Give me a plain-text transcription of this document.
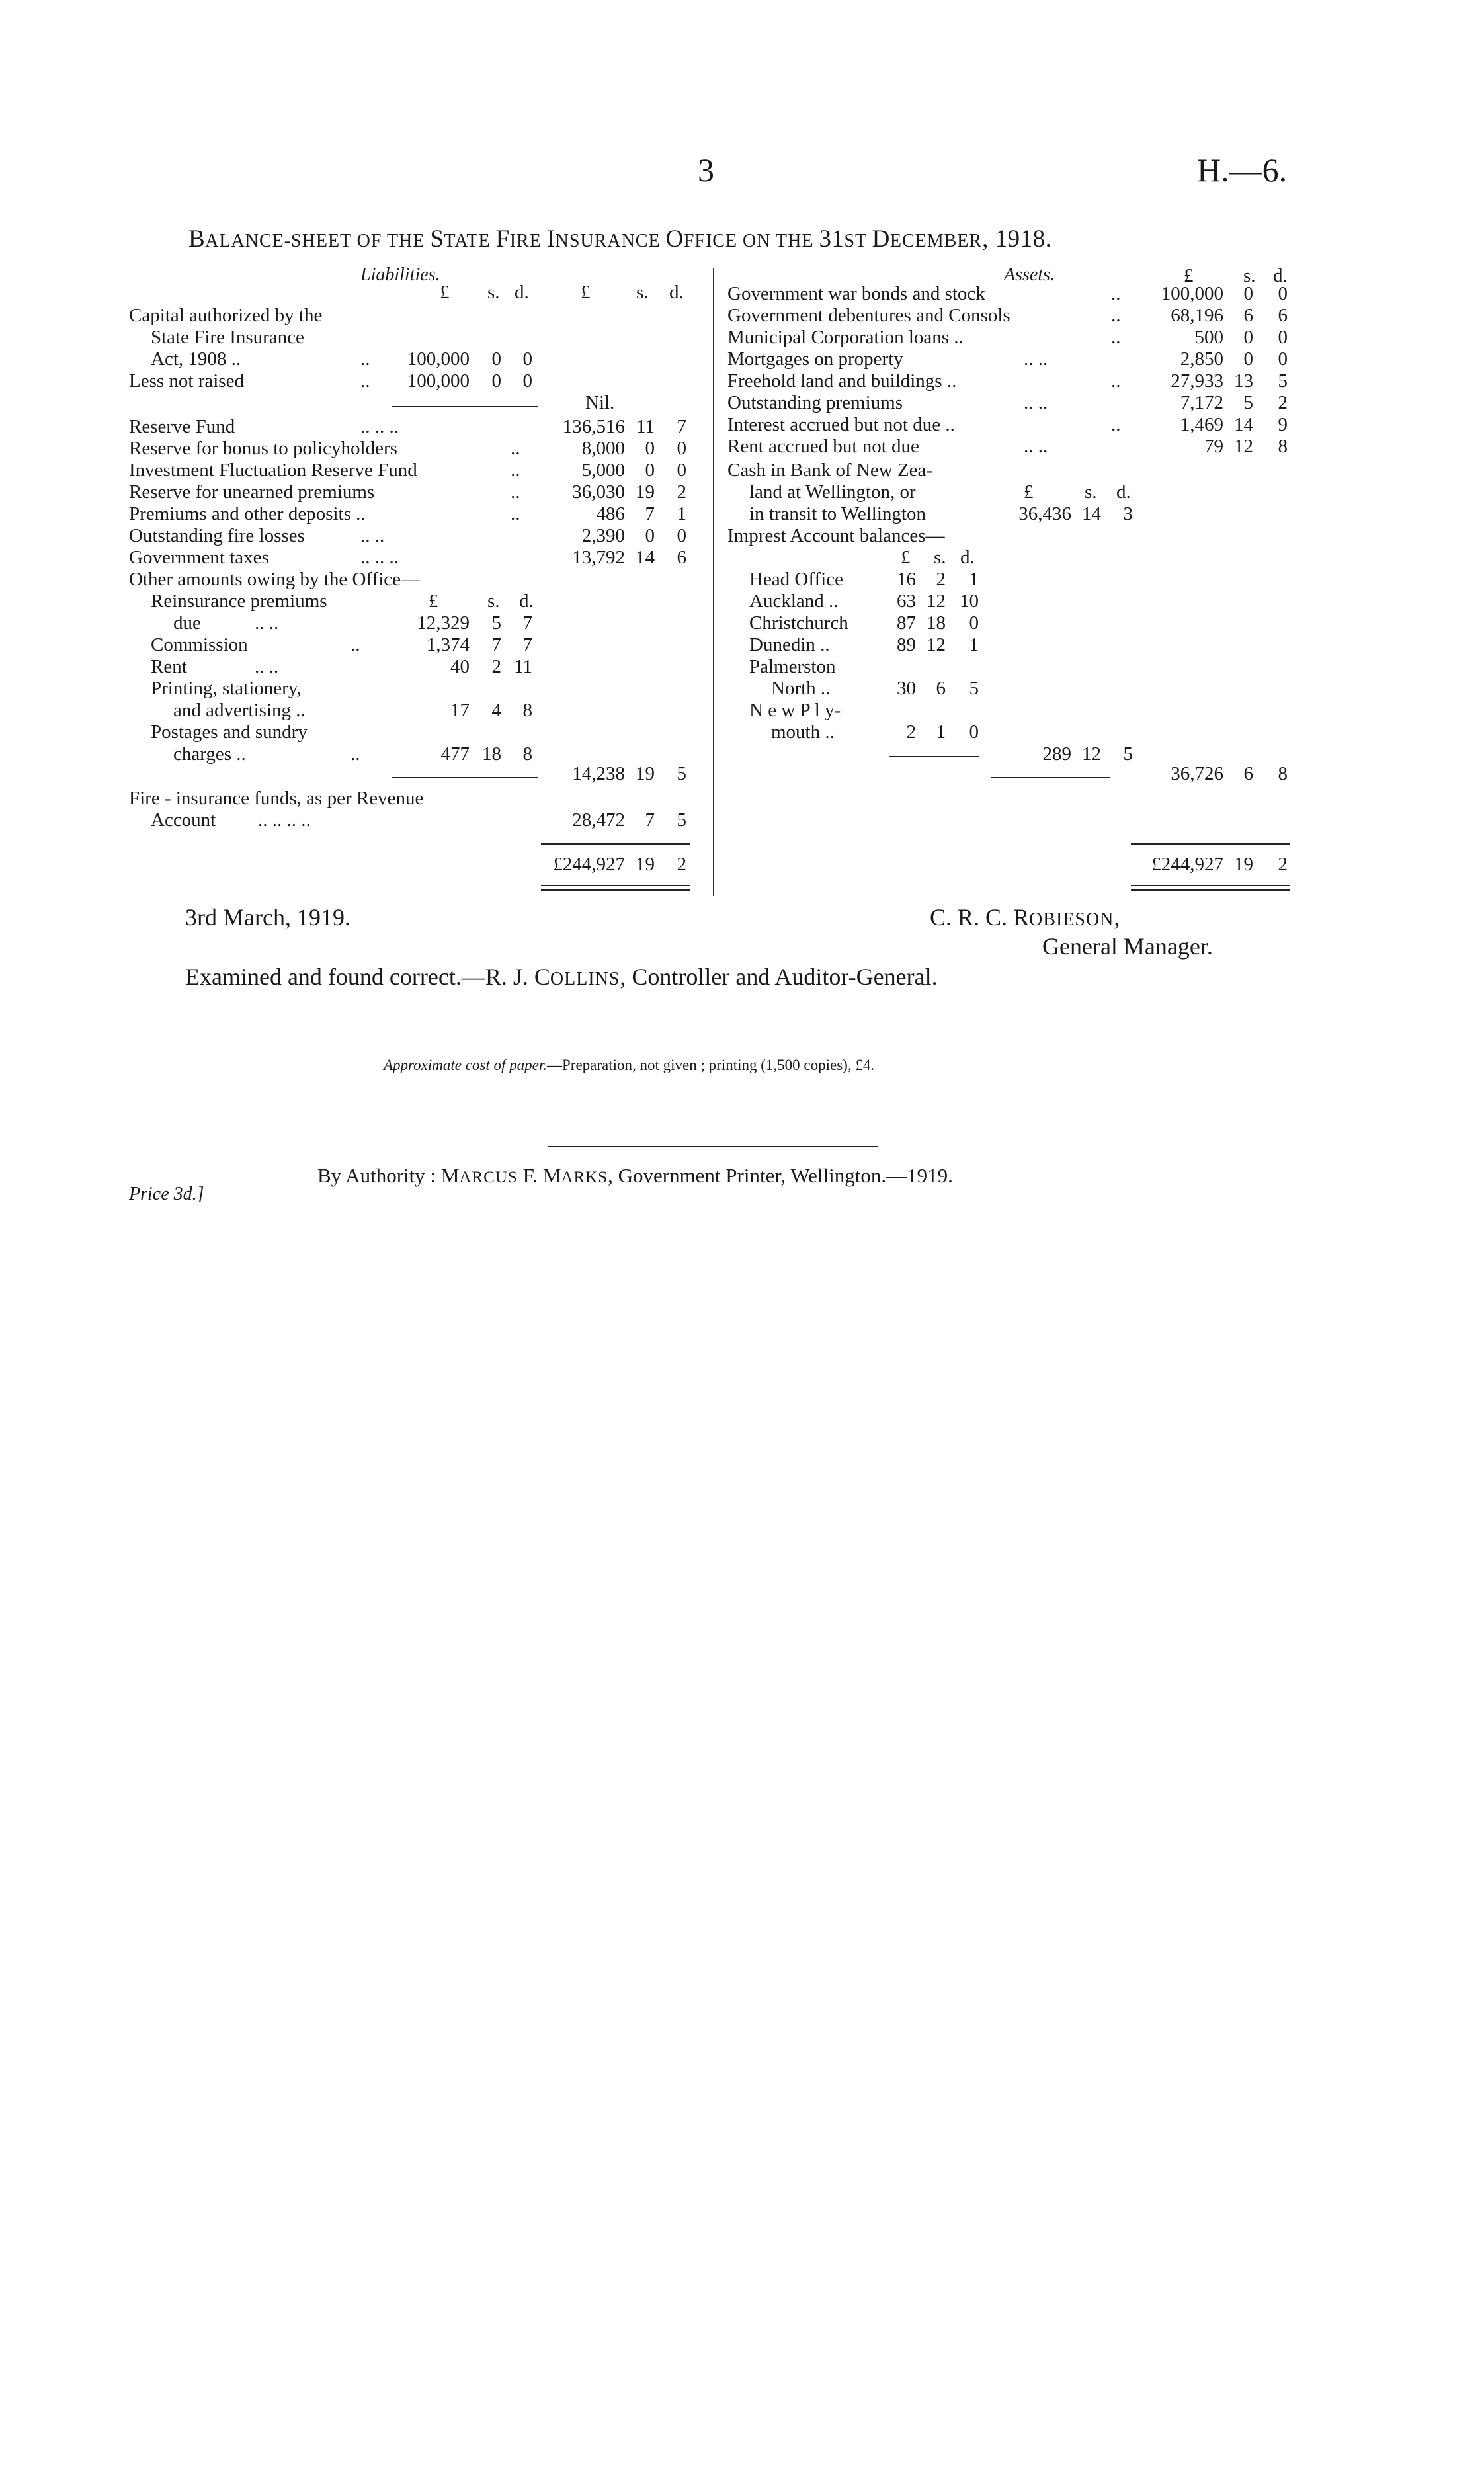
3	H.—6.
BALANCE-SHEET OF THE STATE FIRE INSURANCE OFFICE ON THE 31ST DECEMBER, 1918.
Liabilities.
£ s. d.	£ s. d.
Capital authorized by the
State Fire Insurance
Act, 1908 ..	..	100,000	0	0
Less not raised	..	100,000	0	0
Nil.
Reserve Fund	.. .. ..	136,516 11	7
Reserve for bonus to policyholders	..	8,000	0	0
Investment Fluctuation Reserve Fund	..	5,000	0	0
Reserve for unearned premiums	..	36,030 19	2
Premiums and other deposits ..	..	486	7	1
Outstanding fire losses	.. ..	2,390	0	0
Government taxes	.. .. ..	13,792 14	6
Other amounts owing by the Office—
Reinsurance premiums	£	s. d.
due	.. ..	12,329	5	7
Commission	..	1,374	7	7
Rent	.. ..	40	2 11
Printing, stationery,
and advertising ..	17	4	8
Postages and sundry
charges ..	..	477 18	8
14,238 19	5
Fire - insurance funds, as per Revenue
Account .. .. .. ..	28,472	7	5
£244,927 19	2
Assets.	£	s. d.
Government war bonds and stock	..	100,000	0	0
Government debentures and Consols	..	68,196	6	6
Municipal Corporation loans ..	..	500	0	0
Mortgages on property	.. ..	2,850	0	0
Freehold land and buildings ..	..	27,933 13	5
Outstanding premiums	.. ..	7,172	5	2
Interest accrued but not due ..	..	1,469 14	9
Rent accrued but not due	.. ..	79 12	8
Cash in Bank of New Zea-
land at Wellington, or	£	s. d.
in transit to Wellington	36,436 14	3
Imprest Account balances—
£ s. d.
Head Office	16	2	1
Auckland ..	63 12 10
Christchurch	87 18	0
Dunedin ..	89 12	1
Palmerston
North ..	30	6	5
N e w P l y-
mouth ..	2	1	0
289 12	5
36,726	6	8
£244,927 19	2
3rd March, 1919.	C. R. C. ROBIESON,
General Manager.
Examined and found correct.—R. J. COLLINS, Controller and Auditor-General.
Approximate cost of paper.—Preparation, not given ; printing (1,500 copies), £4.
By Authority : MARCUS F. MARKS, Government Printer, Wellington.—1919.
Price 3d.]
